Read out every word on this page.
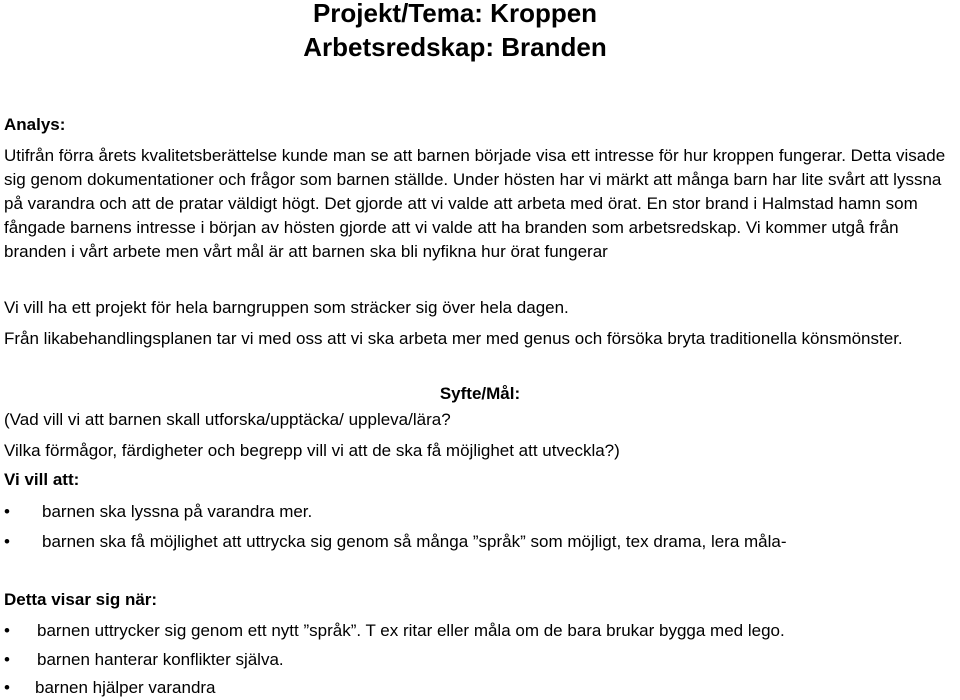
Projekt/Tema: Kroppen
Arbetsredskap: Branden

Analys:

Utifrån förra årets kvalitetsberättelse kunde man se att barnen började visa ett intresse för hur kroppen fungerar. Detta visade sig genom dokumentationer och frågor som barnen ställde. Under hösten har vi märkt att många barn har lite svårt att lyssna på varandra och att de pratar väldigt högt. Det gjorde att vi valde att arbeta med örat. En stor brand i Halmstad hamn som fångade barnens intresse i början av hösten gjorde att vi valde att ha branden som arbetsredskap. Vi kommer utgå från branden i vårt arbete men vårt mål är att barnen ska bli nyfikna hur örat fungerar

Vi vill ha ett projekt för hela barngruppen som sträcker sig över hela dagen.

Från likabehandlingsplanen tar vi med oss att vi ska arbeta mer med genus och försöka bryta traditionella könsmönster.

Syfte/Mål:

(Vad vill vi att barnen skall utforska/upptäcka/ uppleva/lära?

Vilka förmågor, färdigheter och begrepp vill vi att de ska få möjlighet att utveckla?)

Vi vill att:

• barnen ska lyssna på varandra mer.
• barnen ska få möjlighet att uttrycka sig genom så många ”språk” som möjligt, tex drama, lera måla-

Detta visar sig när:

• barnen uttrycker sig genom ett nytt ”språk”. T ex ritar eller måla om de bara brukar bygga med lego.
• barnen hanterar konflikter själva.
• barnen hjälper varandra
